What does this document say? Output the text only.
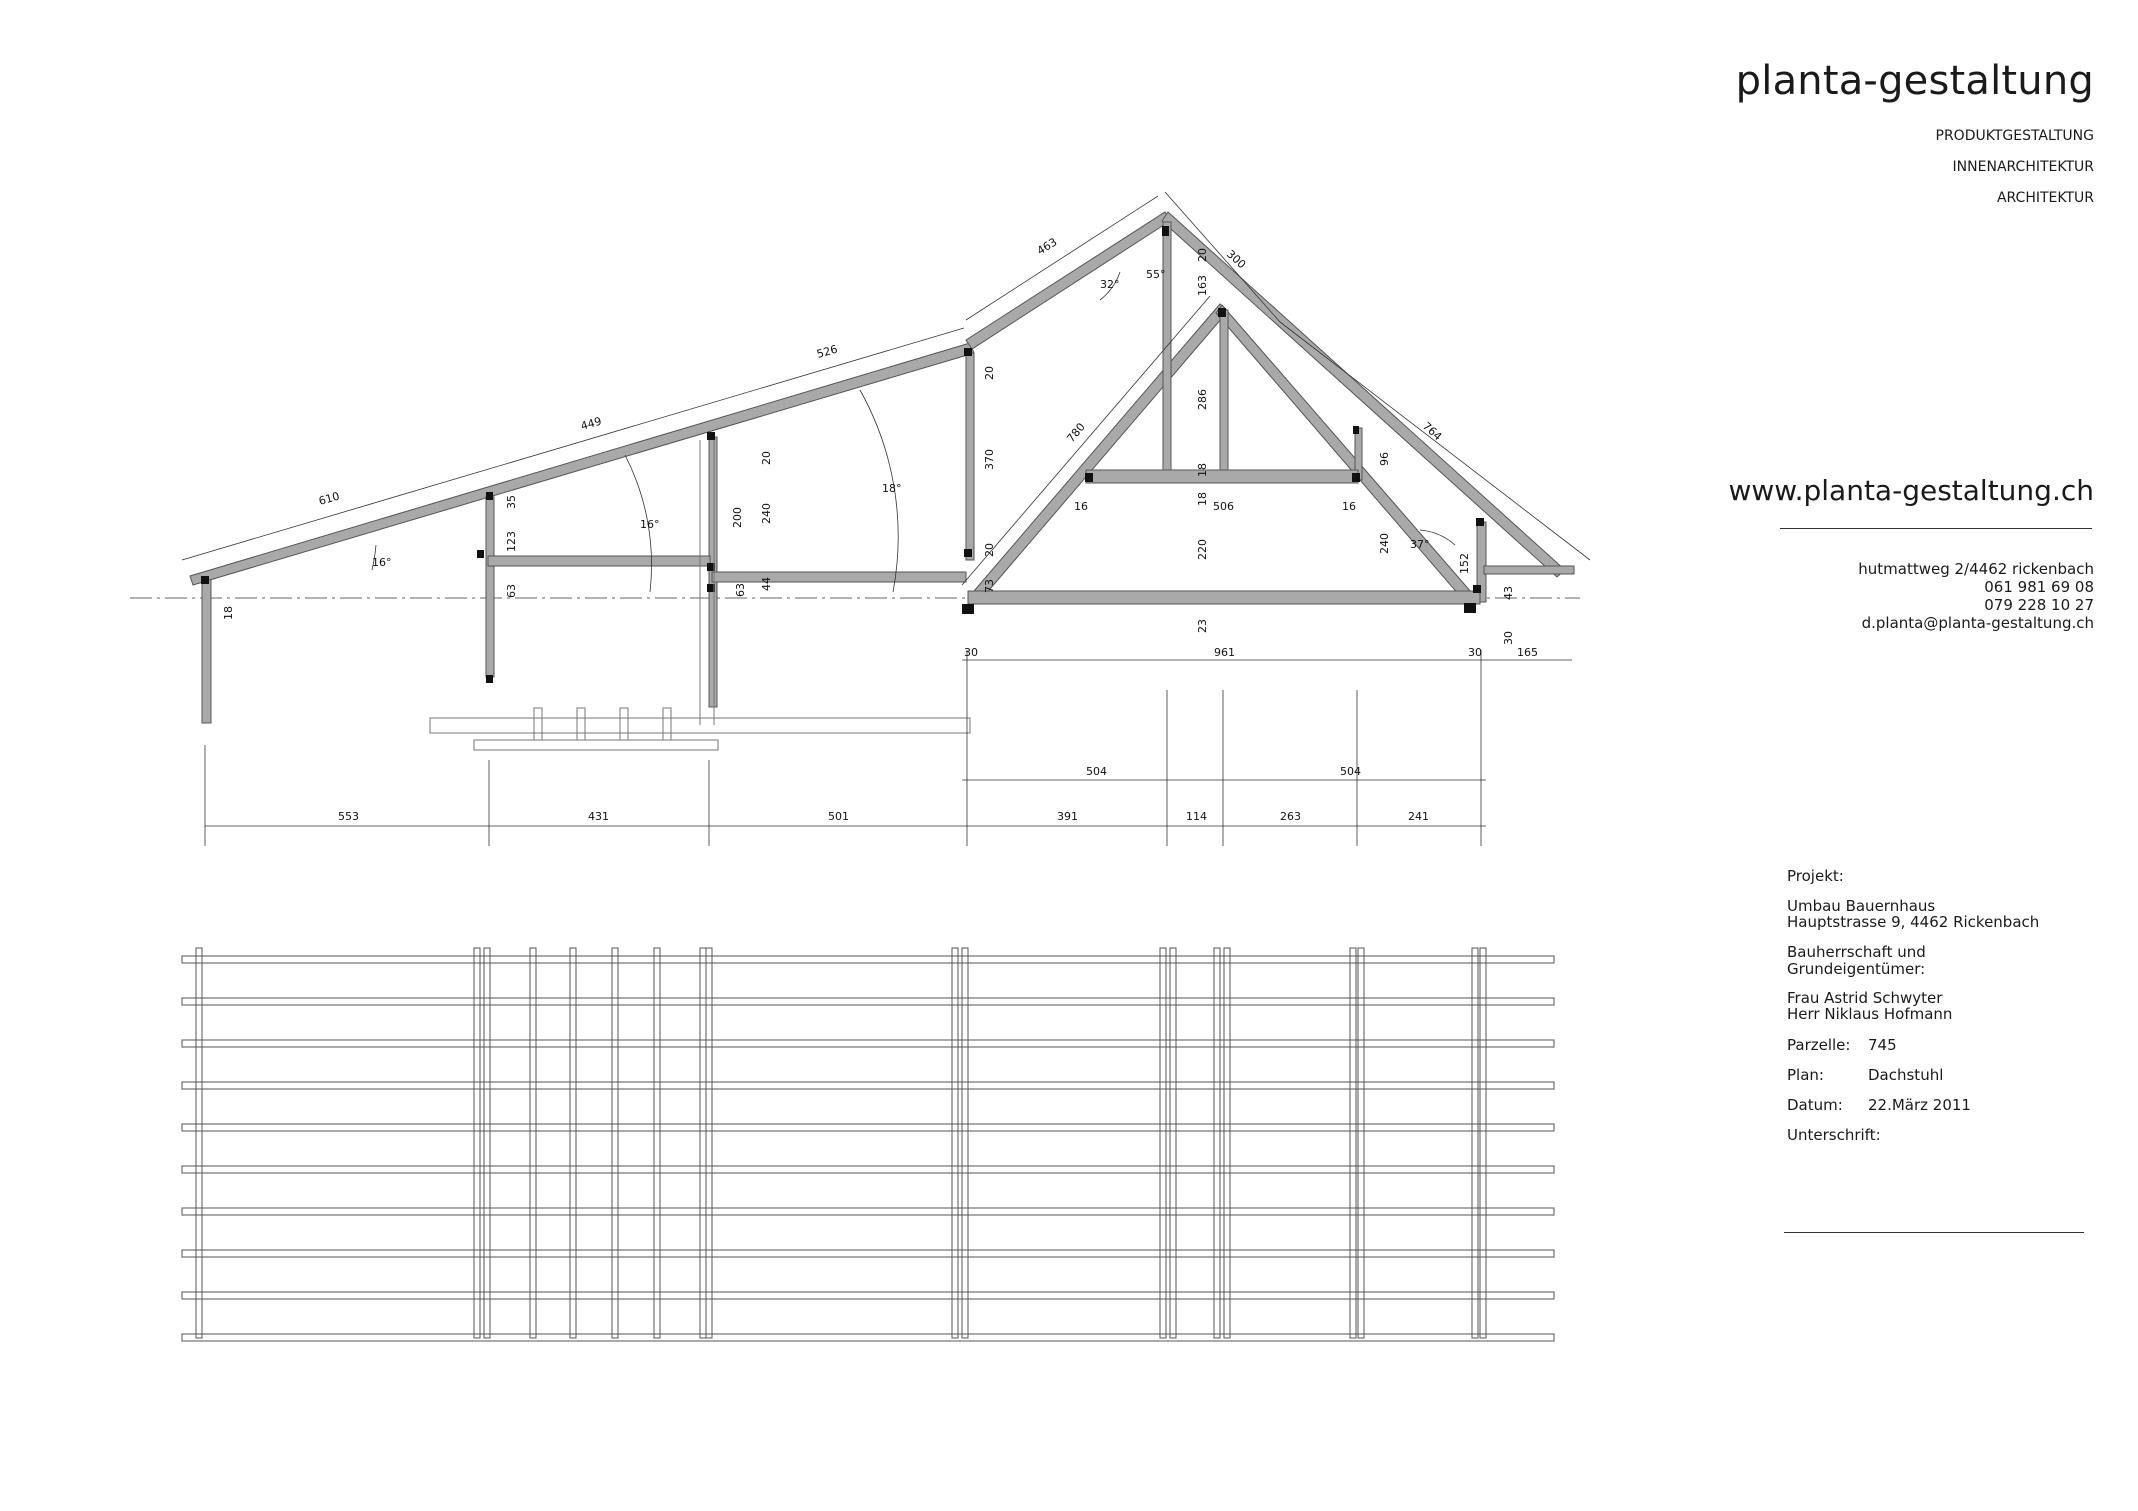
610
449
526
463
300
764
780
16°
16°
18°
32°
55°
37°
18
35
123
63
200 240
20	370
20
63 44
20
73
20
163
286
18
18
220
23
240
96
152
43
30
16	506	16
30	961	30	165
504	504
553	431	501	391	114	263	241
planta-gestaltung
PRODUKTGESTALTUNG
INNENARCHITEKTUR
ARCHITEKTUR
www.planta-gestaltung.ch
hutmattweg 2/4462 rickenbach
061 981 69 08
079 228 10 27
d.planta@planta-gestaltung.ch
Projekt:
Umbau Bauernhaus
Hauptstrasse 9, 4462 Rickenbach
Bauherrschaft und Grundeigentümer:
Frau Astrid Schwyter
Herr Niklaus Hofmann
Parzelle: 745
Plan:	Dachstuhl
Datum: 22.März 2011
Unterschrift:
